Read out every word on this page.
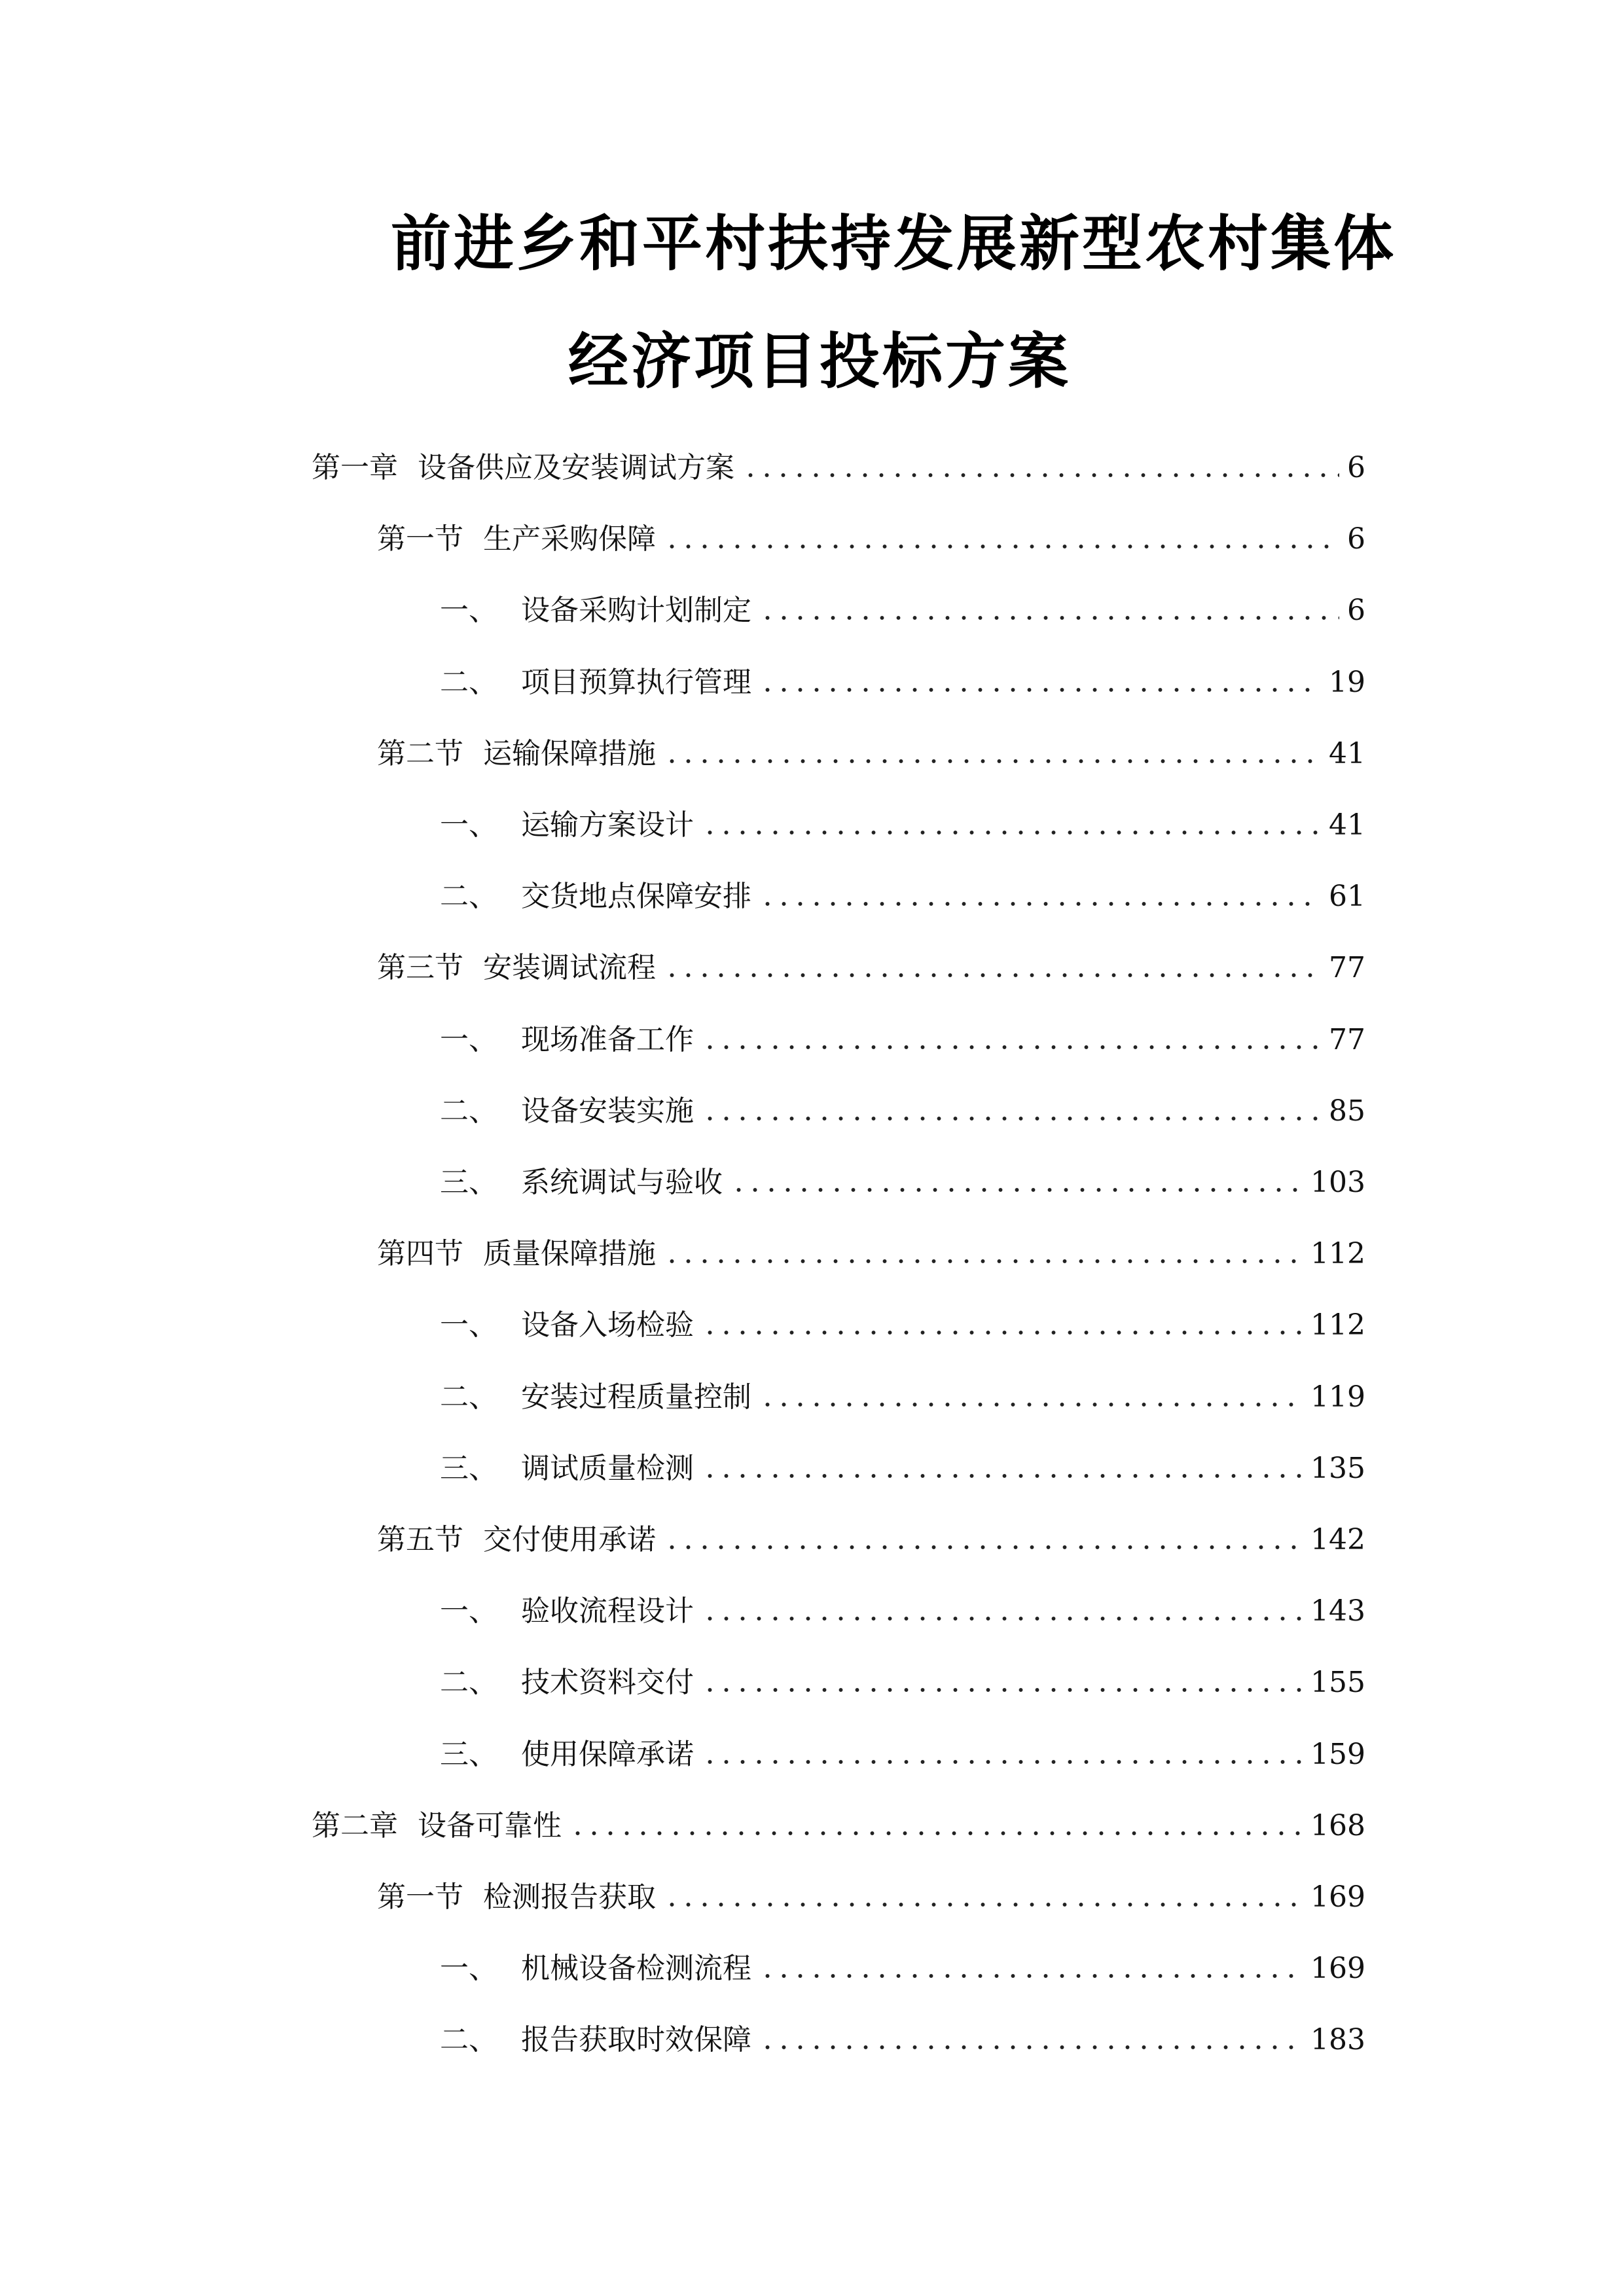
前进乡和平村扶持发展新型农村集体
经济项目投标方案
第一章 设备供应及安装调试方案	6
第一节 生产采购保障	6
一、 设备采购计划制定	6
二、 项目预算执行管理	19
第二节 运输保障措施	41
一、 运输方案设计	41
二、 交货地点保障安排	61
第三节 安装调试流程	77
一、 现场准备工作	77
二、 设备安装实施	85
三、 系统调试与验收	103
第四节 质量保障措施	112
一、 设备入场检验	112
二、 安装过程质量控制	119
三、 调试质量检测	135
第五节 交付使用承诺	142
一、 验收流程设计	143
二、 技术资料交付	155
三、 使用保障承诺	159
第二章 设备可靠性	168
第一节 检测报告获取	169
一、 机械设备检测流程	169
二、 报告获取时效保障	183
